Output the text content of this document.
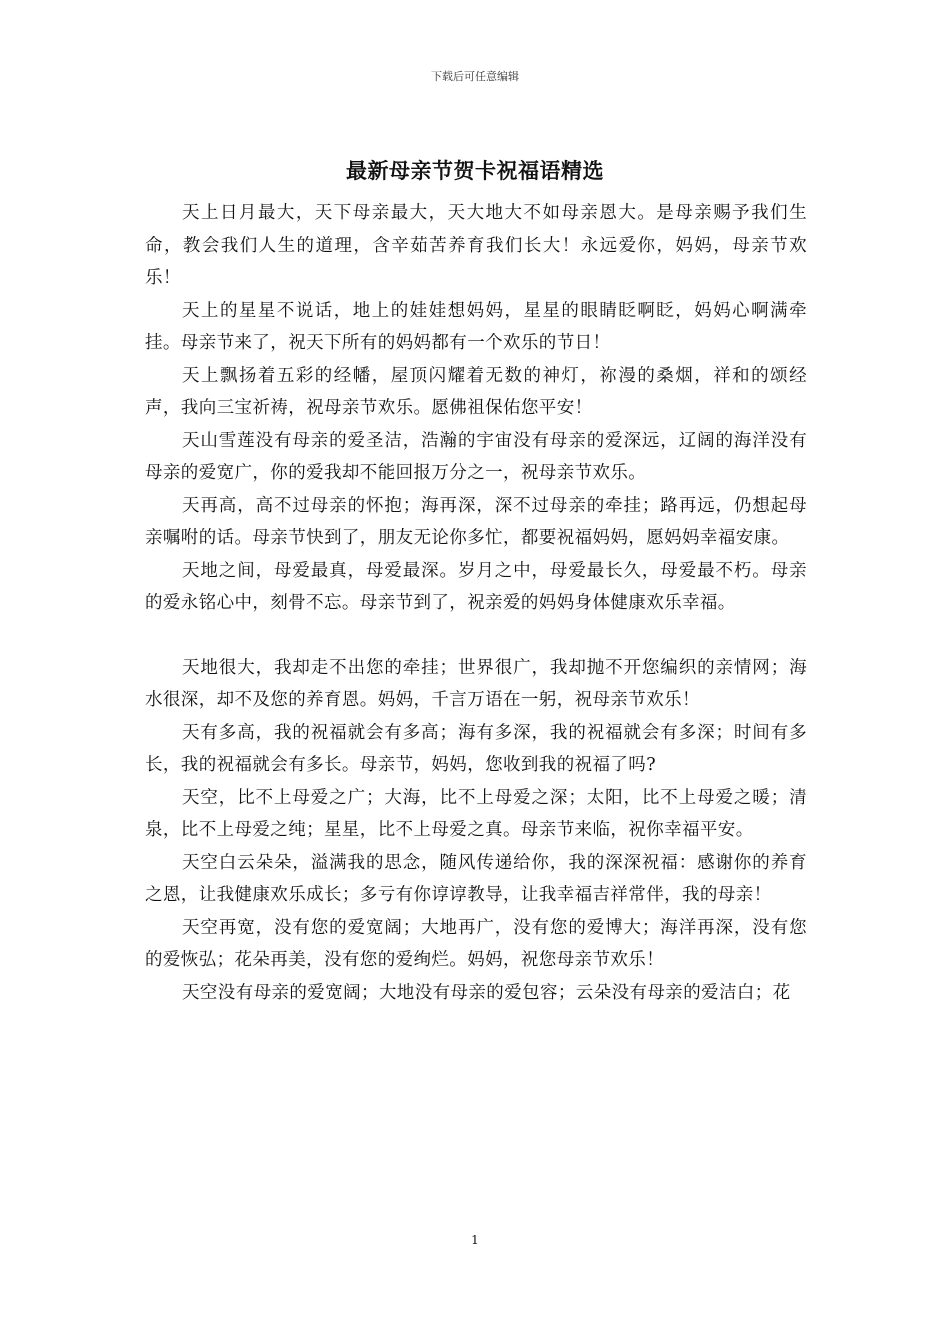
下载后可任意编辑
最新母亲节贺卡祝福语精选

天上日月最大，天下母亲最大，天大地大不如母亲恩大。是母亲赐予我们生命，教会我们人生的道理，含辛茹苦养育我们长大！永远爱你，妈妈，母亲节欢乐！

天上的星星不说话，地上的娃娃想妈妈，星星的眼睛眨啊眨，妈妈心啊满牵挂。母亲节来了，祝天下所有的妈妈都有一个欢乐的节日！

天上飘扬着五彩的经幡，屋顶闪耀着无数的神灯，祢漫的桑烟，祥和的颂经声，我向三宝祈祷，祝母亲节欢乐。愿佛祖保佑您平安！

天山雪莲没有母亲的爱圣洁，浩瀚的宇宙没有母亲的爱深远，辽阔的海洋没有母亲的爱宽广，你的爱我却不能回报万分之一，祝母亲节欢乐。

天再高，高不过母亲的怀抱；海再深，深不过母亲的牵挂；路再远，仍想起母亲嘱咐的话。母亲节快到了，朋友无论你多忙，都要祝福妈妈，愿妈妈幸福安康。

天地之间，母爱最真，母爱最深。岁月之中，母爱最长久，母爱最不朽。母亲的爱永铭心中，刻骨不忘。母亲节到了，祝亲爱的妈妈身体健康欢乐幸福。

天地很大，我却走不出您的牵挂；世界很广，我却抛不开您编织的亲情网；海水很深，却不及您的养育恩。妈妈，千言万语在一躬，祝母亲节欢乐！

天有多高，我的祝福就会有多高；海有多深，我的祝福就会有多深；时间有多长，我的祝福就会有多长。母亲节，妈妈，您收到我的祝福了吗?

天空，比不上母爱之广；大海，比不上母爱之深；太阳，比不上母爱之暖；清泉，比不上母爱之纯；星星，比不上母爱之真。母亲节来临，祝你幸福平安。

天空白云朵朵，溢满我的思念，随风传递给你，我的深深祝福：感谢你的养育之恩，让我健康欢乐成长；多亏有你谆谆教导，让我幸福吉祥常伴，我的母亲！

天空再宽，没有您的爱宽阔；大地再广，没有您的爱博大；海洋再深，没有您的爱恢弘；花朵再美，没有您的爱绚烂。妈妈，祝您母亲节欢乐！

天空没有母亲的爱宽阔；大地没有母亲的爱包容；云朵没有母亲的爱洁白；花

1
